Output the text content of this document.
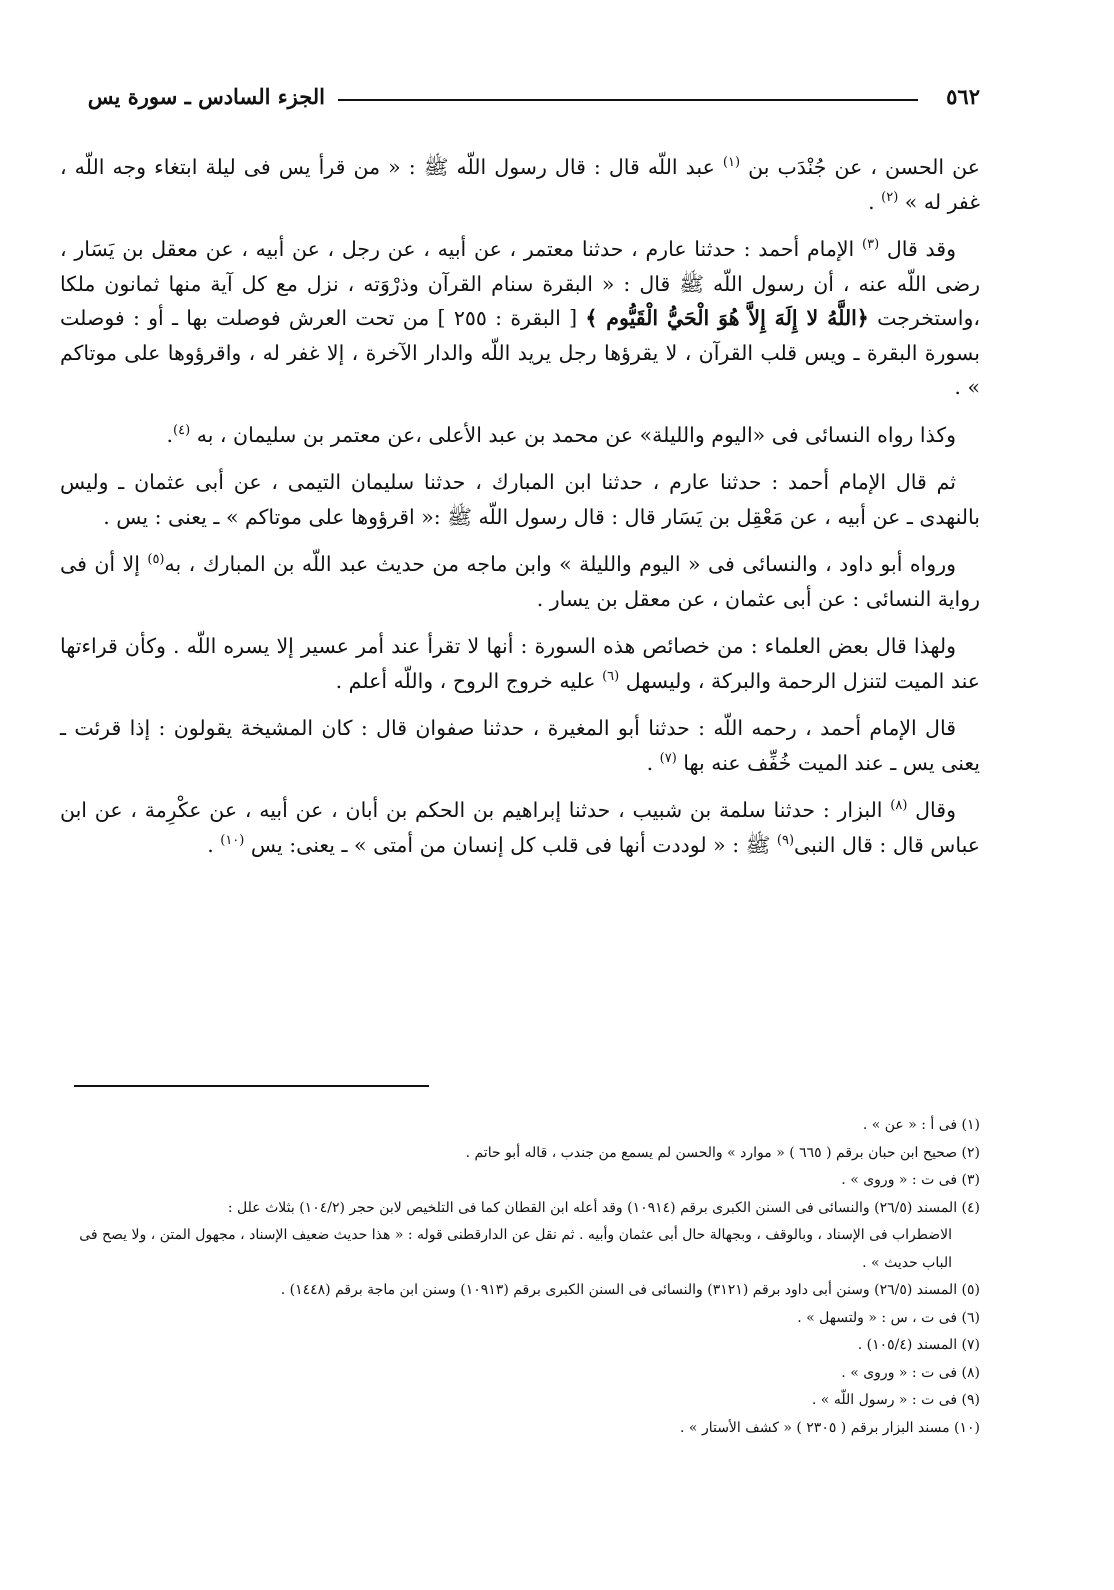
٥٦٢
الجزء السادس ـ سورة يس

عن الحسن ، عن جُنْدَب بن $^{(١)}$ عبد اللّه قال : قال رسول اللّه ﷺ : « من قرأ يس فى ليلة ابتغاء وجه اللّه ، غفر له » $^{(٢)}$ .

وقد قال $^{(٣)}$ الإمام أحمد : حدثنا عارم ، حدثنا معتمر ، عن أبيه ، عن رجل ، عن أبيه ، عن معقل بن يَسَار ، رضى اللّه عنه ، أن رسول اللّه ﷺ قال : « البقرة سنام القرآن وذرْوَته ، نزل مع كل آية منها ثمانون ملكا ،واستخرجت ﴿اللَّهُ لا إِلَهَ إِلاَّ هُوَ الْحَيُّ الْقَيُّوم ﴾ [ البقرة : ٢٥٥ ] من تحت العرش فوصلت بها ـ أو : فوصلت بسورة البقرة ـ ويس قلب القرآن ، لا يقرؤها رجل يريد اللّه والدار الآخرة ، إلا غفر له ، واقرؤوها على موتاكم » .

وكذا رواه النسائى فى «اليوم والليلة» عن محمد بن عبد الأعلى ،عن معتمر بن سليمان ، به $^{(٤)}$.

ثم قال الإمام أحمد : حدثنا عارم ، حدثنا ابن المبارك ، حدثنا سليمان التيمى ، عن أبى عثمان ـ وليس بالنهدى ـ عن أبيه ، عن مَعْقِل بن يَسَار قال : قال رسول اللّه ﷺ :« اقرؤوها على موتاكم » ـ يعنى : يس .

ورواه أبو داود ، والنسائى فى « اليوم والليلة » وابن ماجه من حديث عبد اللّه بن المبارك ، به$^{(٥)}$ إلا أن فى رواية النسائى : عن أبى عثمان ، عن معقل بن يسار .

ولهذا قال بعض العلماء : من خصائص هذه السورة : أنها لا تقرأ عند أمر عسير إلا يسره اللّه . وكأن قراءتها عند الميت لتنزل الرحمة والبركة ، وليسهل $^{(٦)}$ عليه خروج الروح ، واللّه أعلم .

قال الإمام أحمد ، رحمه اللّه : حدثنا أبو المغيرة ، حدثنا صفوان قال : كان المشيخة يقولون : إذا قرئت ـ يعنى يس ـ عند الميت خُفِّف عنه بها $^{(٧)}$ .

وقال $^{(٨)}$ البزار : حدثنا سلمة بن شبيب ، حدثنا إبراهيم بن الحكم بن أبان ، عن أبيه ، عن عكْرِمة ، عن ابن عباس قال : قال النبى$^{(٩)}$ ﷺ : « لوددت أنها فى قلب كل إنسان من أمتى » ـ يعنى: يس $^{(١٠)}$ .

(١) فى أ : « عن » .
(٢) صحيح ابن حبان برقم ( ٦٦٥ ) « موارد » والحسن لم يسمع من جندب ، قاله أبو حاتم .
(٣) فى ت : « وروى » .
(٤) المسند (٢٦/٥) والنسائى فى السنن الكبرى برقم (١٠٩١٤) وقد أعله ابن القطان كما فى التلخيص لابن حجر (١٠٤/٢) بثلاث علل :
الاضطراب فى الإسناد ، وبالوقف ، وبجهالة حال أبى عثمان وأبيه . ثم نقل عن الدارقطنى قوله : « هذا حديث ضعيف الإسناد ، مجهول المتن ، ولا يصح فى الباب حديث » .
(٥) المسند (٢٦/٥) وسنن أبى داود برقم (٣١٢١) والنسائى فى السنن الكبرى برقم (١٠٩١٣) وسنن ابن ماجة برقم (١٤٤٨) .
(٦) فى ت ، س : « ولتسهل » .
(٧) المسند (١٠٥/٤) .
(٨) فى ت : « وروى » .
(٩) فى ت : « رسول اللّه » .
(١٠) مسند البزار برقم ( ٢٣٠٥ ) « كشف الأستار » .
